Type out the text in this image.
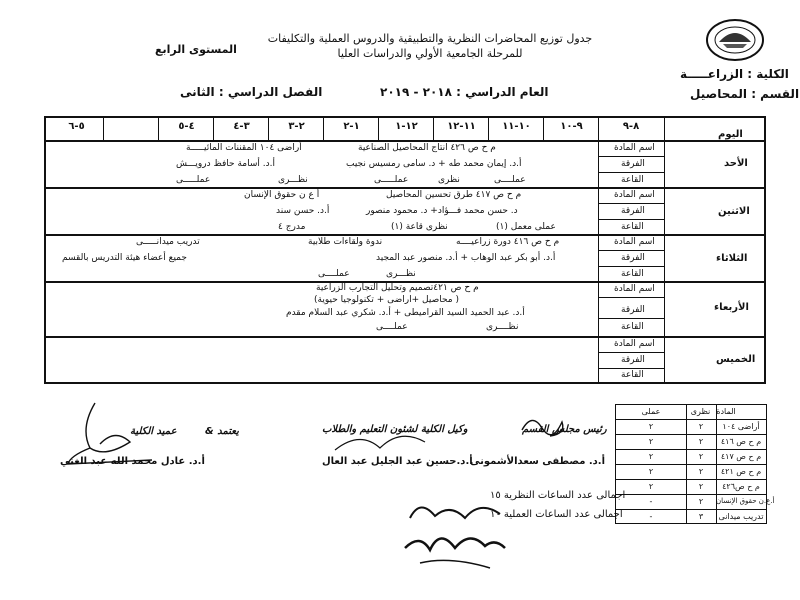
جدول توزيع المحاضرات النظرية والتطبيقية والدروس العملية والتكليفات
للمرحلة الجامعية الأولي والدراسات العليا
المستوى الرابع
الكلية : الزراعـــــة
القسم : المحاصيل
العام الدراسي : ٢٠١٨ - ٢٠١٩
الفصل الدراسي : الثانى
٨-٩
٩-١٠
١٠-١١
١١-١٢
١٢-١
١-٢
٢-٣
٣-٤
٤-٥
٥-٦
اليوم
الأحد
اسم المادة
الفرقة
القاعة
م ح ص ٤٢٦ انتاج المحاصيل الصناعية
أراضى ١٠٤ المقننات المائيـــــة
أ.د. إيمان محمد طه + د. سامى رمسيس نجيب
أ.د. أسامة حافظ درويـــش
عملــــى
نظرى
عملـــــى
نظـــرى
عملـــــى
الاثنين
اسم المادة
الفرقة
القاعة
م ح ص ٤١٧ طرق تحسين المحاصيل
أ ع ن حقوق الإنسان
د. حسن محمد فـــؤاد+ د. محمود منصور
أ.د. حسن سند
عملى معمل (١)
نظرى قاعة (١)
مدرج ٤
الثلاثاء
اسم المادة
الفرقة
القاعة
م ح ص ٤١٦ دورة زراعيــــه
ندوة ولقاءات طلابية
تدريب ميدانـــــى
أ.د. أبو بكر عبد الوهاب + أ.د. منصور عبد المجيد
جميع أعضاء هيئة التدريس بالقسم
نظـــرى
عملــــى
الأربعاء
اسم المادة
الفرقة
القاعة
م ح ص ٤٢١تصميم وتحليل التجارب الزراعية
( محاصيل +اراضى + تكنولوجيا حيوية)
أ.د. عبد الحميد السيد القراميطى + أ.د. شكري عبد السلام مقدم
نظــــرى
عملــــى
الخميس
اسم المادة
الفرقة
القاعة
المادة
نظرى
عملى
أراضى ١٠٤
٢
٢
م ح ص ٤١٦
٢
٢
م ح ص ٤١٧
٢
٢
م ح ص ٤٢١
٢
٢
م ح ص٤٢٦
٢
٢
أ.ع.ن حقوق الإنسان
٢
-
تدريب ميدانى
٣
-
اجمالى عدد الساعات النظرية ١٥
اجمالى عدد الساعات العملية ١٠
رئيس مجلس القسم
أ.د. مصطفى سعدالأشمونى
وكيل الكلية لشئون التعليم والطلاب
أ.د.حسين عبد الجليل عبد العال
يعتمد &
عميد الكلية
أ.د. عادل محمد الله عبد الغني
